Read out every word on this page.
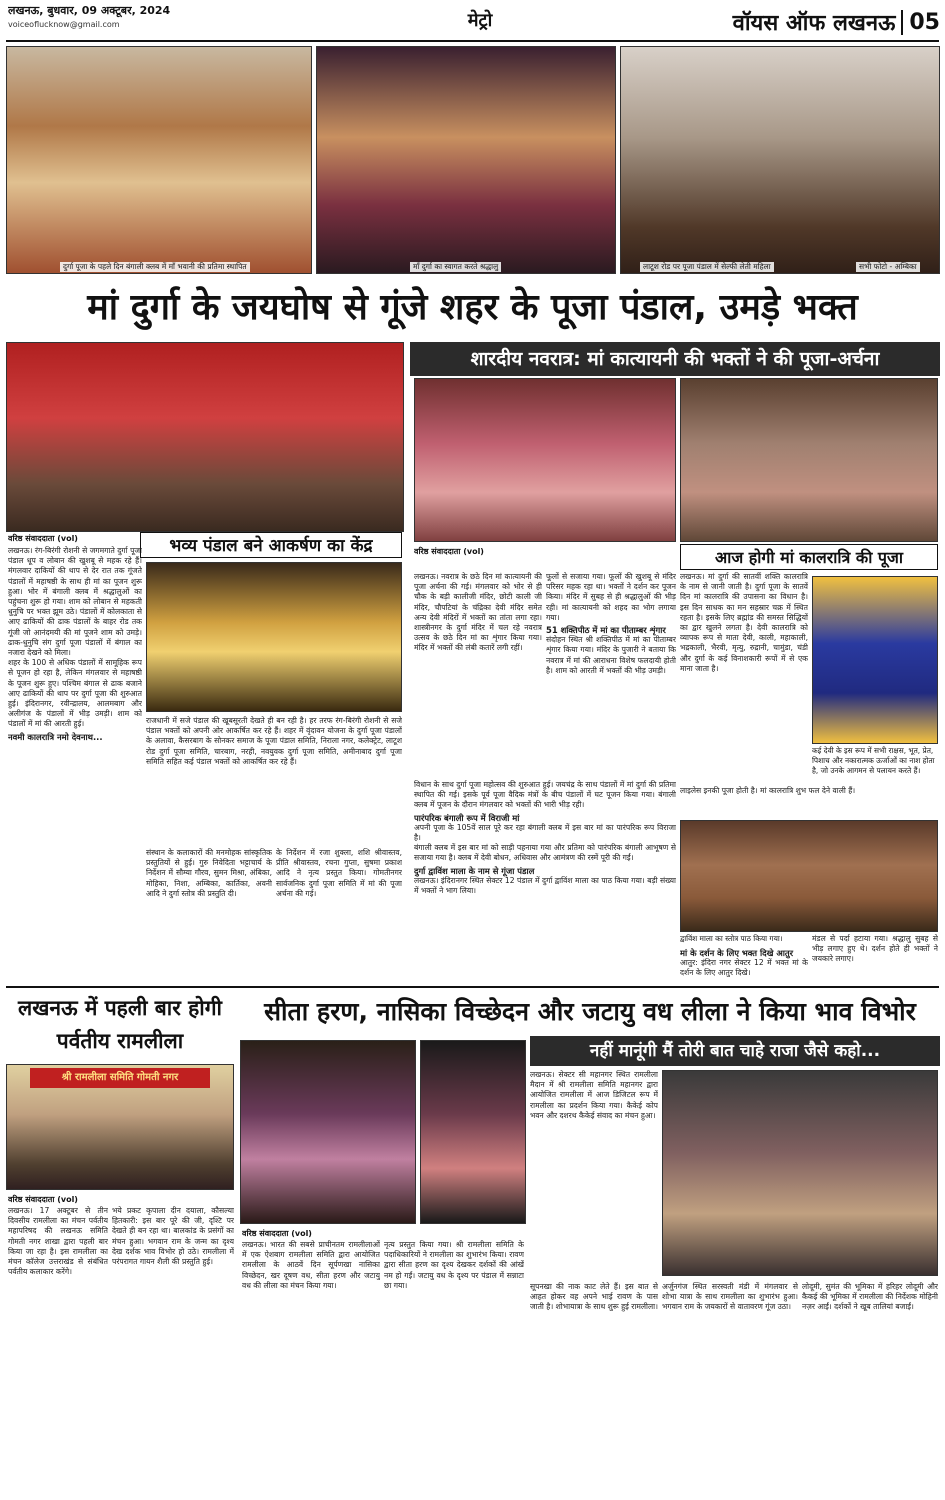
लखनऊ, बुधवार, 09 अक्टूबर, 2024
voiceoflucknow@gmail.com	मेट्रो	वॉयस ऑफ लखनऊ 05
दुर्गा पूजा के पहले दिन बंगाली क्लब में माँ भवानी की प्रतिमा स्थापित	माँ दुर्गा का स्वागत करते श्रद्धालु	लाटूश रोड पर पूजा पंडाल में सेल्फी लेती महिला	सभी फोटो - अम्बिका
मां दुर्गा के जयघोष से गूंजे शहर के पूजा पंडाल, उमड़े भक्त
वरिष्ठ संवाददाता (vol)	भव्य पंडाल बने आकर्षण का केंद्र

लखनऊ। रंग-बिरंगी रोशनी से जगमगाते दुर्गा पूजा पंडाल धूप व लोबान की खुशबू से महक रहे हैं। मंगलवार दाकियों की थाप से देर रात तक गूंजते पंडालों में महाषष्ठी के साथ ही मां का पूजन शुरू हुआ। भोर में बंगाली क्लब में श्रद्धालुओं का पहुंचना शुरू हो गया। शाम को लोबान से महकती धुनुचि पर भक्त झूम उठे। पंडालों में कोलकाता से आए ढाकियों की ढाक पंडालों के बाहर रोड तक गूंजी जो आनंदमयी की मां पूजने शाम को उमड़े। ढाक-धुनुचि संग दुर्गा पूजा पंडालों में बंगाल का नजारा देखने को मिला।

शहर के 100 से अधिक पंडालों में सामूहिक रूप से पूजन हो रहा है, लेकिन मंगलवार से महाषष्ठी के पूजन शुरू हुए। पश्चिम बंगाल से ढाक बजाने आए ढाकियों की थाप पर दुर्गा पूजा की शुरुआत हुई। इंदिरानगर, रवीन्द्रालय, आलमबाग और अलीगंज के पंडालों में भीड़ उमड़ी। शाम को पंडालों में मां की आरती हुई।

नवमी कालरात्रि नमो देवनाथ...

राजधानी में सजे पंडाल की खूबसूरती देखते ही बन रही है। हर तरफ रंग-बिरंगी रोशनी से सजे पंडाल भक्तों को अपनी ओर आकर्षित कर रहे हैं। शहर में वृंदावन योजना के दुर्गा पूजा पंडालों के अलावा, कैसरबाग के सोनकर समाज के पूजा पंडाल समिति, निराला नगर, कलेक्ट्रेट, लाटूश रोड दुर्गा पूजा समिति, चारबाग, नरही, नवयुवक दुर्गा पूजा समिति, अमीनाबाद दुर्गा पूजा समिति सहित कई पंडाल भक्तों को आकर्षित कर रहे हैं।
संस्थान के कलाकारों की मनमोहक सांस्कृतिक प्रस्तुतियों से हुई। गुरु निवेदिता भट्टाचार्य के निर्देशन में सौम्या गौरव, सुमन मिश्रा, अंबिका, मोहिका, निशा, अम्बिका, कार्तिका, अवनी आदि ने दुर्गा स्तोत्र की प्रस्तुति दी।
के निर्देशन में रजा शुक्ला, शशि श्रीवास्तव, प्रीति श्रीवास्तव, रचना गुप्ता, सुषमा प्रकाश आदि ने नृत्य प्रस्तुत किया। गोमतीनगर सार्वजनिक दुर्गा पूजा समिति में मां की पूजा अर्चना की गई।
शारदीय नवरात्र: मां कात्यायनी की भक्तों ने की पूजा-अर्चना
वरिष्ठ संवाददाता (vol)
लखनऊ। नवरात्र के छठे दिन मां कात्यायनी की पूजा अर्चना की गई। मंगलवार को भोर से ही चौक के बड़ी कालीजी मंदिर, छोटी काली जी मंदिर, चौपटियां के चंद्रिका देवी मंदिर समेत अन्य देवी मंदिरों में भक्तों का तांता लगा रहा। शास्त्रीनगर के दुर्गा मंदिर में चल रहे नवरात्र उत्सव के छठे दिन मां का शृंगार किया गया। मंदिर में भक्तों की लंबी कतारें लगी रहीं।

फूलों से सजाया गया। फूलों की खुशबू से मंदिर परिसर महक रहा था। भक्तों ने दर्शन कर पूजन किया। मंदिर में सुबह से ही श्रद्धालुओं की भीड़ रही। मां कात्यायनी को शहद का भोग लगाया गया।

51 शक्तिपीठ में मां का पीताम्बर शृंगार

संदोहन स्थित श्री शक्तिपीठ में मां का पीताम्बर शृंगार किया गया। मंदिर के पुजारी ने बताया कि नवरात्र में मां की आराधना विशेष फलदायी होती है। शाम को आरती में भक्तों की भीड़ उमड़ी।

आज होगी मां कालरात्रि की पूजा
लखनऊ। मां दुर्गा की सातवीं शक्ति कालरात्रि के नाम से जानी जाती है। दुर्गा पूजा के सातवें दिन मां कालरात्रि की उपासना का विधान है। इस दिन साधक का मन सहस्रार चक्र में स्थित रहता है। इसके लिए ब्रह्मांड की समस्त सिद्धियों का द्वार खुलने लगता है। देवी कालरात्रि को व्यापक रूप से माता देवी, काली, महाकाली, भद्रकाली, भैरवी, मृत्यु, रुद्रानी, चामुंडा, चंडी और दुर्गा के कई विनाशकारी रूपों में से एक माना जाता है।
कई देवी के इस रूप में सभी राक्षस, भूत, प्रेत, पिशाच और नकारात्मक ऊर्जाओं का नाश होता है, जो उनके आगमन से पलायन करते हैं।
लाइलेस इनकी पूजा होती है। मां कालरात्रि शुभ फल देने वाली हैं।

विधान के साथ दुर्गा पूजा महोत्सव की शुरुआत हुई। जयचंद्र के साथ पंडालों में मां दुर्गा की प्रतिमा स्थापित की गई। इसके पूर्व पूजा वैदिक मंत्रों के बीच पंडालों में घट पूजन किया गया। बंगाली क्लब में पूजन के दौरान मंगलवार को भक्तों की भारी भीड़ रही।

पारंपरिक बंगाली रूप में विराजी मां

अपनी पूजा के 105वें साल पूरे कर रहा बंगाली क्लब में इस बार मां का पारंपरिक रूप विराजा है।

बंगाली क्लब में इस बार मां को साड़ी पहनाया गया और प्रतिमा को पारंपरिक बंगाली आभूषण से सजाया गया है। क्लब में देवी बोधन, अधिवास और आमंत्रण की रस्में पूरी की गईं।

दुर्गा द्वाविंश माला के नाम से गूंजा पंडाल

लखनऊ। इंदिरानगर स्थित सेक्टर 12 पंडाल में दुर्गा द्वाविंश माला का पाठ किया गया। बड़ी संख्या में भक्तों ने भाग लिया।

द्वाविंश माला का स्तोत्र पाठ किया गया।

मां के दर्शन के लिए भक्त दिखे आतुर

आतुर: इंदिरा नगर सेक्टर 12 में भक्त मां के दर्शन के लिए आतुर दिखे।

मंडल से पर्दा हटाया गया। श्रद्धालु सुबह से भीड़ लगाए हुए थे। दर्शन होते ही भक्तों ने जयकारे लगाए।
लखनऊ में पहली बार होगी पर्वतीय रामलीला
श्री रामलीला समिति गोमती नगर
वरिष्ठ संवाददाता (vol)
लखनऊ। 17 अक्टूबर से तीन दिवसीय रामलीला का मंचन पर्वतीय महापरिषद की लखनऊ समिति गोमती नगर शाखा द्वारा पहली बार किया जा रहा है। इस रामलीला का मंचन कॉलेज उत्तराखंड से संबंधित पर्वतीय कलाकार करेंगे।
भये प्रकट कृपाला दीन दयाला, कौसल्या हितकारी: इस बार पूरे की जी, दृश्टि पर देखते ही बन रहा था। बालकांड के प्रसंगों का मंचन हुआ। भगवान राम के जन्म का दृश्य देख दर्शक भाव विभोर हो उठे। रामलीला में परंपरागत गायन शैली की प्रस्तुति हुई।
सीता हरण, नासिका विच्छेदन और जटायु वध लीला ने किया भाव विभोर
वरिष्ठ संवाददाता (vol)
लखनऊ। भारत की सबसे प्राचीनतम रामलीलाओं में एक ऐशबाग रामलीला समिति द्वारा आयोजित रामलीला के आठवें दिन सूर्पणखा नासिका विच्छेदन, खर दूषण वध, सीता हरण और जटायु वध की लीला का मंचन किया गया।
नृत्य प्रस्तुत किया गया। श्री रामलीला समिति के पदाधिकारियों ने रामलीला का शुभारंभ किया। रावण द्वारा सीता हरण का दृश्य देखकर दर्शकों की आंखें नम हो गईं। जटायु वध के दृश्य पर पंडाल में सन्नाटा छा गया।
नहीं मानूंगी मैं तोरी बात चाहे राजा जैसे कहो...
लखनऊ। सेक्टर सी महानगर स्थित रामलीला मैदान में श्री रामलीला समिति महानगर द्वारा आयोजित रामलीला में आज डिजिटल रूप में रामलीला का प्रदर्शन किया गया। कैकेई कोप भवन और दशरथ कैकेई संवाद का मंचन हुआ।
सूपनखा की नाक काट लेते हैं। इस बात से आहत होकर वह अपने भाई रावण के पास जाती है। शोभायात्रा के साथ शुरू हुई रामलीला।
अर्जुनगंज स्थित सरस्वती मंडी में मंगलवार से शोभा यात्रा के साथ रामलीला का शुभारंभ हुआ। भगवान राम के जयकारों से वातावरण गूंज उठा।
लोदूमी, सुमंत की भूमिका में हरिहर लोदूमी और कैकई की भूमिका में रामलीला की निर्देशक मोहिनी नज़र आईं। दर्शकों ने खूब तालियां बजाईं।
